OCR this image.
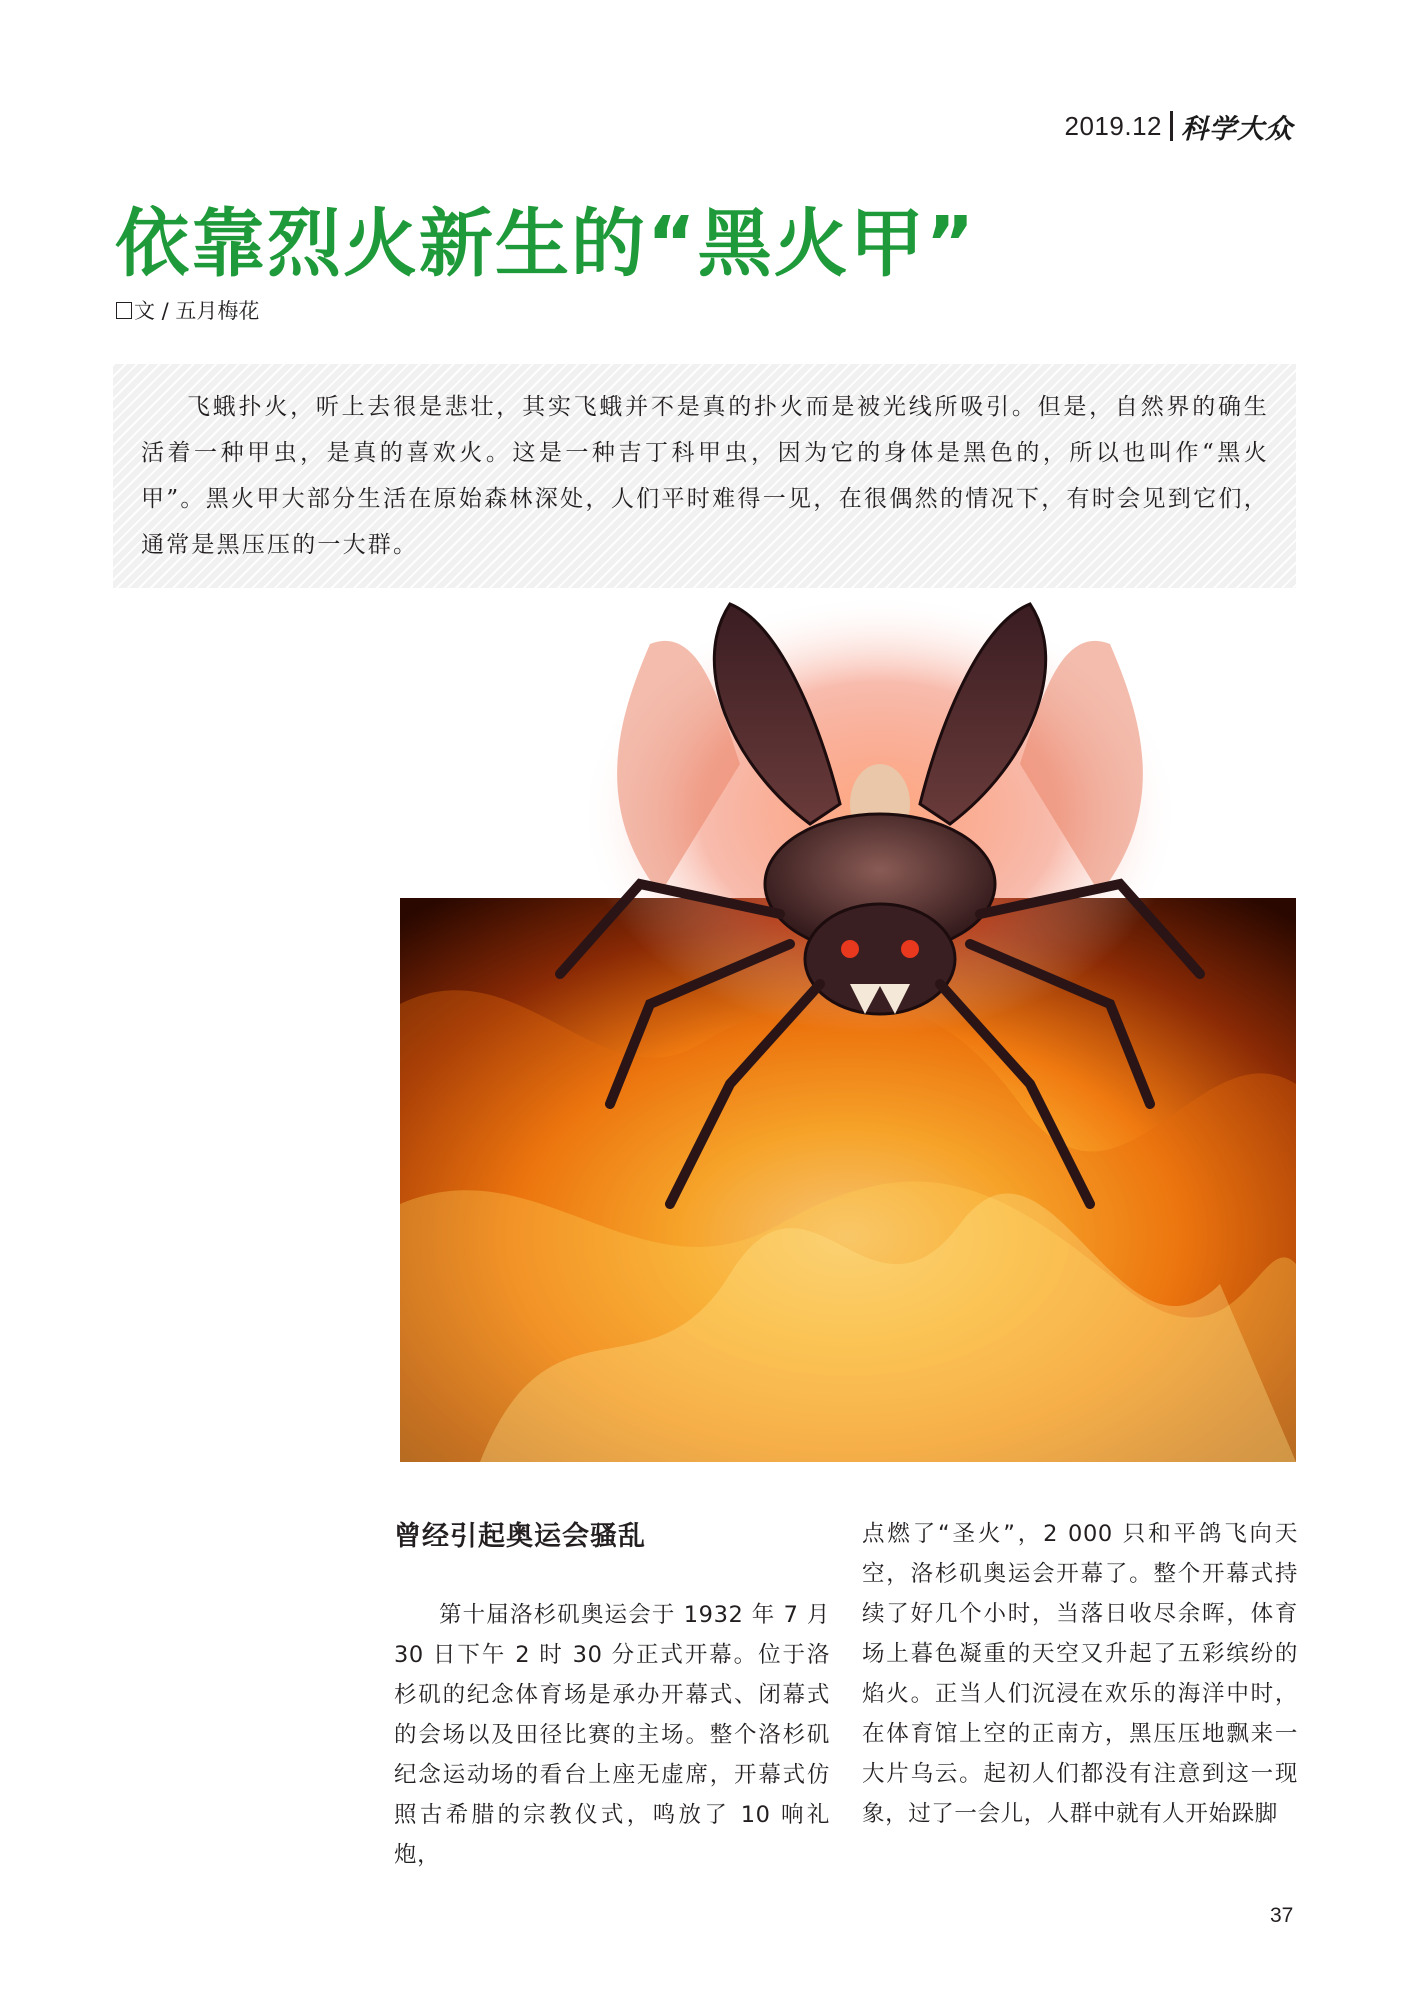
2019.12 科学大众
依靠烈火新生的“黑火甲”
文 / 五月梅花

飞蛾扑火，听上去很是悲壮，其实飞蛾并不是真的扑火而是被光线所吸引。但是，自然界的确生活着一种甲虫，是真的喜欢火。这是一种吉丁科甲虫，因为它的身体是黑色的，所以也叫作“黑火甲”。黑火甲大部分生活在原始森林深处，人们平时难得一见，在很偶然的情况下，有时会见到它们，通常是黑压压的一大群。

曾经引起奥运会骚乱

第十届洛杉矶奥运会于 1932 年 7 月 30 日下午 2 时 30 分正式开幕。位于洛杉矶的纪念体育场是承办开幕式、闭幕式的会场以及田径比赛的主场。整个洛杉矶纪念运动场的看台上座无虚席，开幕式仿照古希腊的宗教仪式，鸣放了 10 响礼炮，

点燃了“圣火”，2 000 只和平鸽飞向天空，洛杉矶奥运会开幕了。整个开幕式持续了好几个小时，当落日收尽余晖，体育场上暮色凝重的天空又升起了五彩缤纷的焰火。正当人们沉浸在欢乐的海洋中时，在体育馆上空的正南方，黑压压地飘来一大片乌云。起初人们都没有注意到这一现象，过了一会儿，人群中就有人开始跺脚

37
